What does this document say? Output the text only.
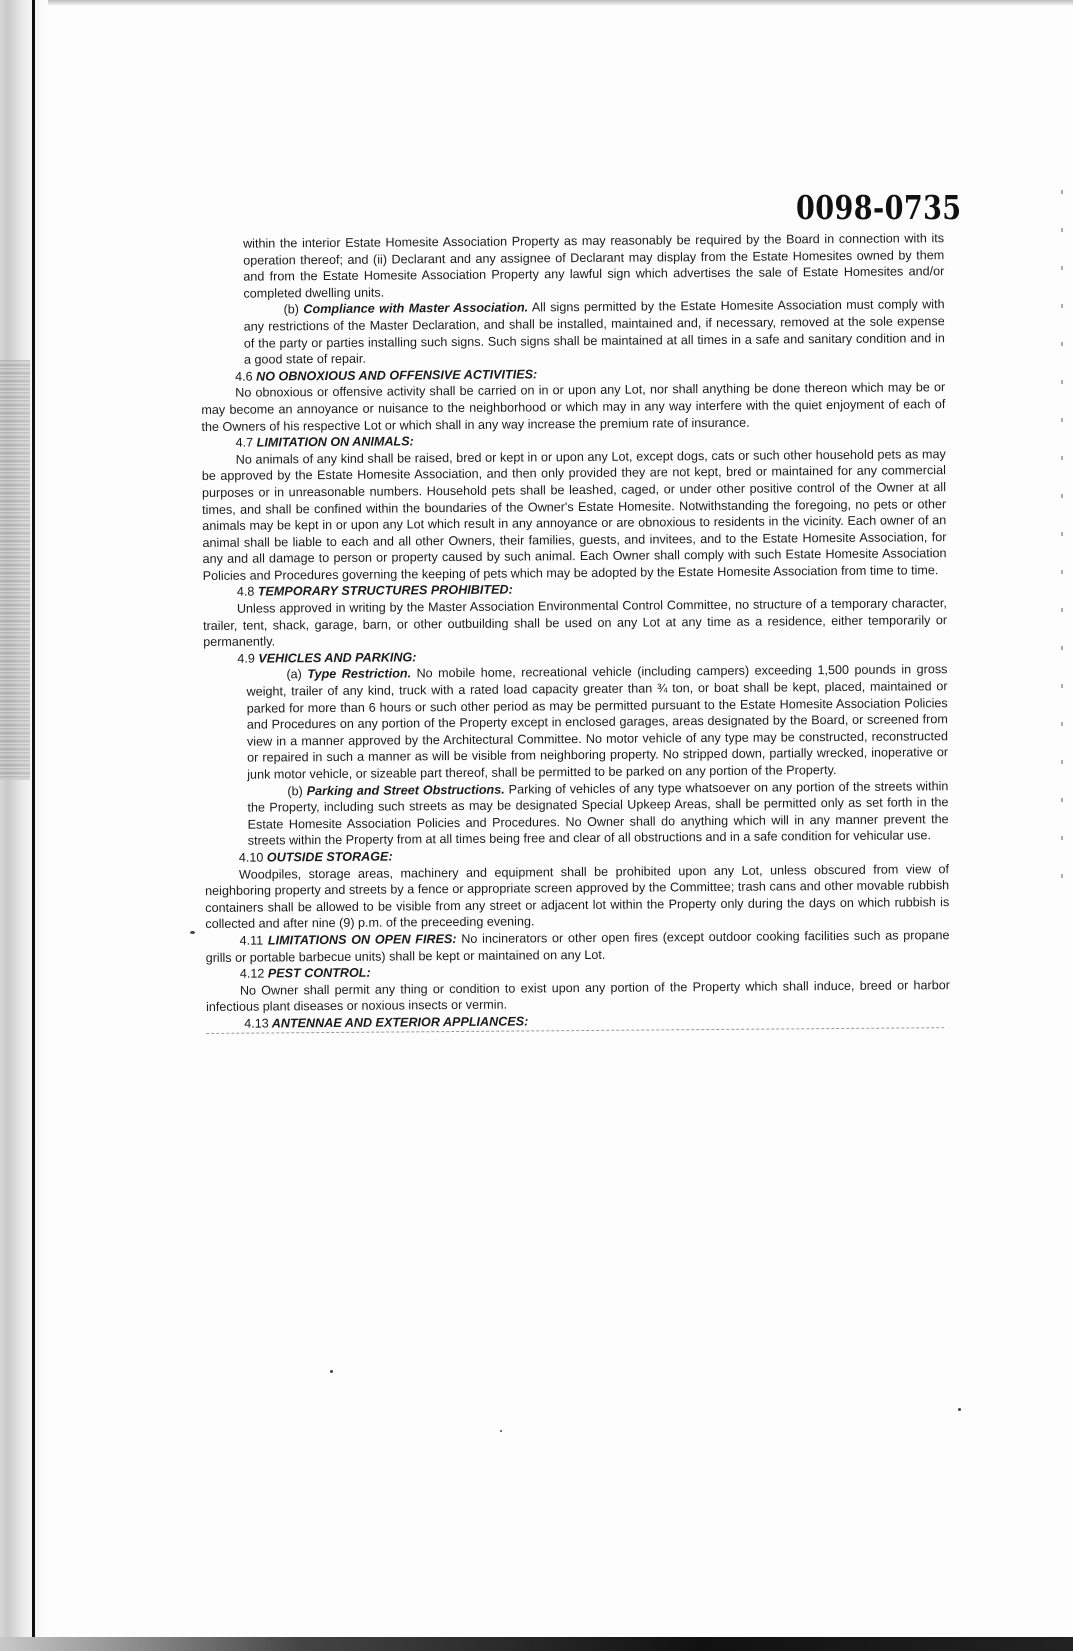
0098-0735

within the interior Estate Homesite Association Property as may reasonably be required by the Board in connection with its operation thereof; and (ii) Declarant and any assignee of Declarant may display from the Estate Homesites owned by them and from the Estate Homesite Association Property any lawful sign which advertises the sale of Estate Homesites and/or completed dwelling units.

(b) Compliance with Master Association. All signs permitted by the Estate Homesite Association must comply with any restrictions of the Master Declaration, and shall be installed, maintained and, if necessary, removed at the sole expense of the party or parties installing such signs. Such signs shall be maintained at all times in a safe and sanitary condition and in a good state of repair.

4.6 NO OBNOXIOUS AND OFFENSIVE ACTIVITIES:

No obnoxious or offensive activity shall be carried on in or upon any Lot, nor shall anything be done thereon which may be or may become an annoyance or nuisance to the neighborhood or which may in any way interfere with the quiet enjoyment of each of the Owners of his respective Lot or which shall in any way increase the premium rate of insurance.

4.7 LIMITATION ON ANIMALS:

No animals of any kind shall be raised, bred or kept in or upon any Lot, except dogs, cats or such other household pets as may be approved by the Estate Homesite Association, and then only provided they are not kept, bred or maintained for any commercial purposes or in unreasonable numbers. Household pets shall be leashed, caged, or under other positive control of the Owner at all times, and shall be confined within the boundaries of the Owner's Estate Homesite. Notwithstanding the foregoing, no pets or other animals may be kept in or upon any Lot which result in any annoyance or are obnoxious to residents in the vicinity. Each owner of an animal shall be liable to each and all other Owners, their families, guests, and invitees, and to the Estate Homesite Association, for any and all damage to person or property caused by such animal. Each Owner shall comply with such Estate Homesite Association Policies and Procedures governing the keeping of pets which may be adopted by the Estate Homesite Association from time to time.

4.8 TEMPORARY STRUCTURES PROHIBITED:

Unless approved in writing by the Master Association Environmental Control Committee, no structure of a temporary character, trailer, tent, shack, garage, barn, or other outbuilding shall be used on any Lot at any time as a residence, either temporarily or permanently.

4.9 VEHICLES AND PARKING:

(a) Type Restriction. No mobile home, recreational vehicle (including campers) exceeding 1,500 pounds in gross weight, trailer of any kind, truck with a rated load capacity greater than ¾ ton, or boat shall be kept, placed, maintained or parked for more than 6 hours or such other period as may be permitted pursuant to the Estate Homesite Association Policies and Procedures on any portion of the Property except in enclosed garages, areas designated by the Board, or screened from view in a manner approved by the Architectural Committee. No motor vehicle of any type may be constructed, reconstructed or repaired in such a manner as will be visible from neighboring property. No stripped down, partially wrecked, inoperative or junk motor vehicle, or sizeable part thereof, shall be permitted to be parked on any portion of the Property.

(b) Parking and Street Obstructions. Parking of vehicles of any type whatsoever on any portion of the streets within the Property, including such streets as may be designated Special Upkeep Areas, shall be permitted only as set forth in the Estate Homesite Association Policies and Procedures. No Owner shall do anything which will in any manner prevent the streets within the Property from at all times being free and clear of all obstructions and in a safe condition for vehicular use.

4.10 OUTSIDE STORAGE:

Woodpiles, storage areas, machinery and equipment shall be prohibited upon any Lot, unless obscured from view of neighboring property and streets by a fence or appropriate screen approved by the Committee; trash cans and other movable rubbish containers shall be allowed to be visible from any street or adjacent lot within the Property only during the days on which rubbish is collected and after nine (9) p.m. of the preceeding evening.

4.11 LIMITATIONS ON OPEN FIRES: No incinerators or other open fires (except outdoor cooking facilities such as propane grills or portable barbecue units) shall be kept or maintained on any Lot.

4.12 PEST CONTROL:

No Owner shall permit any thing or condition to exist upon any portion of the Property which shall induce, breed or harbor infectious plant diseases or noxious insects or vermin.

4.13 ANTENNAE AND EXTERIOR APPLIANCES:
